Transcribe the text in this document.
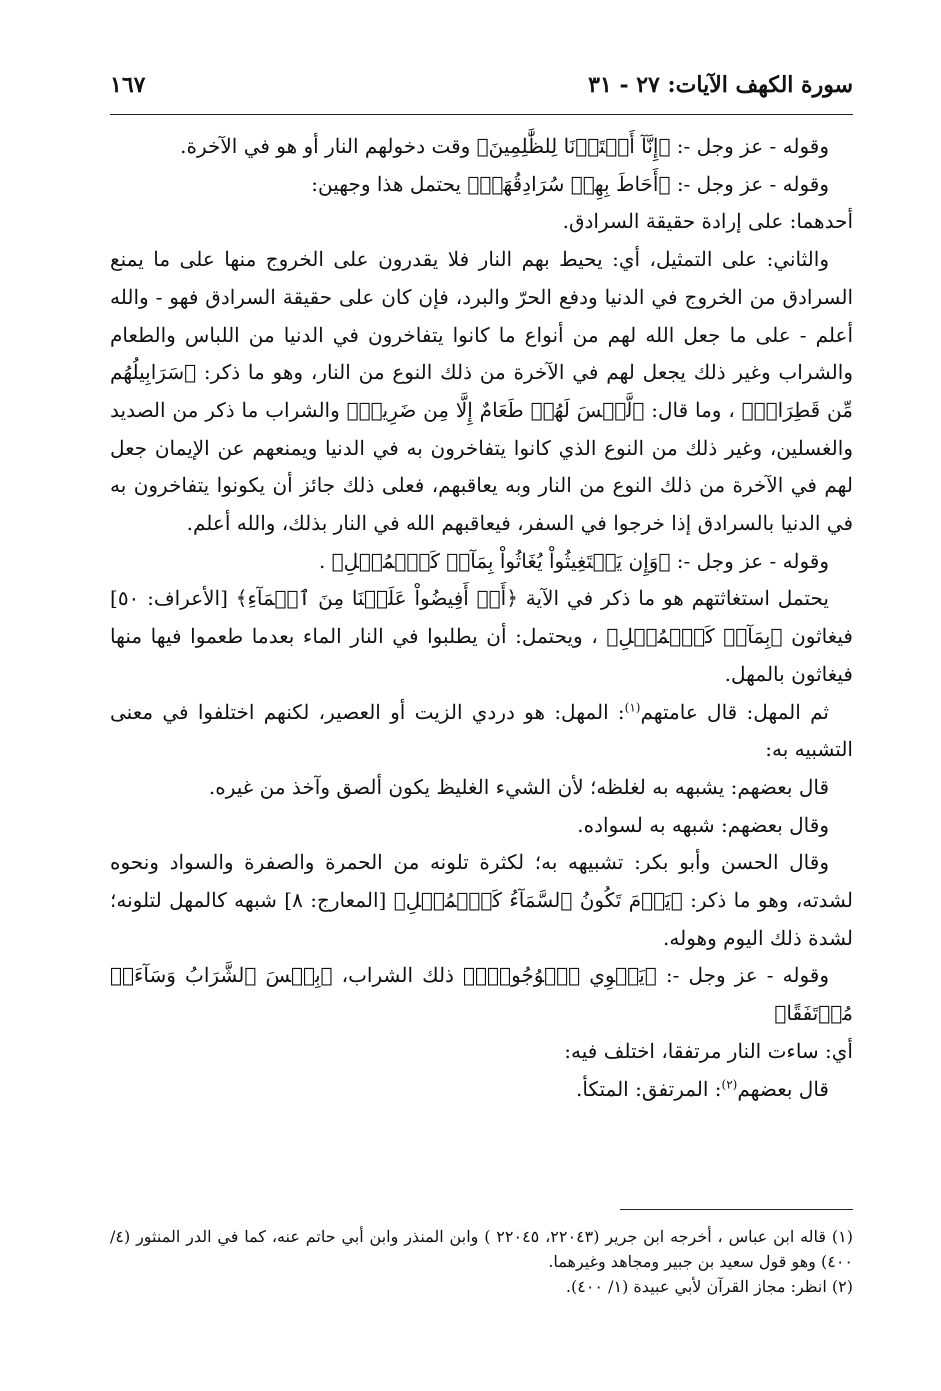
سورة الكهف الآيات: ٢٧ - ٣١
١٦٧

وقوله - عز وجل -: ﴿إِنَّآ أَعۡتَدۡنَا لِلظَّٰلِمِينَ﴾ وقت دخولهم النار أو هو في الآخرة.

وقوله - عز وجل -: ﴿أَحَاطَ بِهِمۡ سُرَادِقُهَاۚ﴾ يحتمل هذا وجهين:

أحدهما: على إرادة حقيقة السرادق.

والثاني: على التمثيل، أي: يحيط بهم النار فلا يقدرون على الخروج منها على ما يمنع السرادق من الخروج في الدنيا ودفع الحرّ والبرد، فإن كان على حقيقة السرادق فهو - والله أعلم - على ما جعل الله لهم من أنواع ما كانوا يتفاخرون في الدنيا من اللباس والطعام والشراب وغير ذلك يجعل لهم في الآخرة من ذلك النوع من النار، وهو ما ذكر: ﴿سَرَابِيلُهُم مِّن قَطِرَانٖ﴾ ، وما قال: ﴿لَّيۡسَ لَهُمۡ طَعَامٌ إِلَّا مِن ضَرِيعٖ﴾ والشراب ما ذكر من الصديد والغسلين، وغير ذلك من النوع الذي كانوا يتفاخرون به في الدنيا ويمنعهم عن الإيمان جعل لهم في الآخرة من ذلك النوع من النار وبه يعاقبهم، فعلى ذلك جائز أن يكونوا يتفاخرون به في الدنيا بالسرادق إذا خرجوا في السفر، فيعاقبهم الله في النار بذلك، والله أعلم.

وقوله - عز وجل -: ﴿وَإِن يَسۡتَغِيثُواْ يُغَاثُواْ بِمَآءٖ كَٱلۡمُهۡلِ﴾ .

يحتمل استغاثتهم هو ما ذكر في الآية ﴿أَنۡ أَفِيضُواْ عَلَيۡنَا مِنَ ٱلۡمَآءِ﴾ [الأعراف: ٥٠] فيغاثون ﴿بِمَآءٖ كَٱلۡمُهۡلِ﴾ ، ويحتمل: أن يطلبوا في النار الماء بعدما طعموا فيها منها فيغاثون بالمهل.

ثم المهل: قال عامتهم$^{(١)}$: المهل: هو دردي الزيت أو العصير، لكنهم اختلفوا في معنى التشبيه به:

قال بعضهم: يشبهه به لغلظه؛ لأن الشيء الغليظ يكون ألصق وآخذ من غيره.

وقال بعضهم: شبهه به لسواده.

وقال الحسن وأبو بكر: تشبيهه به؛ لكثرة تلونه من الحمرة والصفرة والسواد ونحوه لشدته، وهو ما ذكر: ﴿يَوۡمَ تَكُونُ ٱلسَّمَآءُ كَٱلۡمُهۡلِ﴾ [المعارج: ٨] شبهه كالمهل لتلونه؛ لشدة ذلك اليوم وهوله.

وقوله - عز وجل -: ﴿يَشۡوِي ٱلۡوُجُوهَۚ﴾ ذلك الشراب، ﴿بِئۡسَ ٱلشَّرَابُ وَسَآءَتۡ مُرۡتَفَقًا﴾

أي: ساءت النار مرتفقا، اختلف فيه:

قال بعضهم$^{(٢)}$: المرتفق: المتكأ.

(١) قاله ابن عباس ، أخرجه ابن جرير (٢٢٠٤٣، ٢٢٠٤٥ ) وابن المنذر وابن أبي حاتم عنه، كما في الدر المنثور (٤/ ٤٠٠) وهو قول سعيد بن جبير ومجاهد وغيرهما.

(٢) انظر: مجاز القرآن لأبي عبيدة (١/ ٤٠٠).
